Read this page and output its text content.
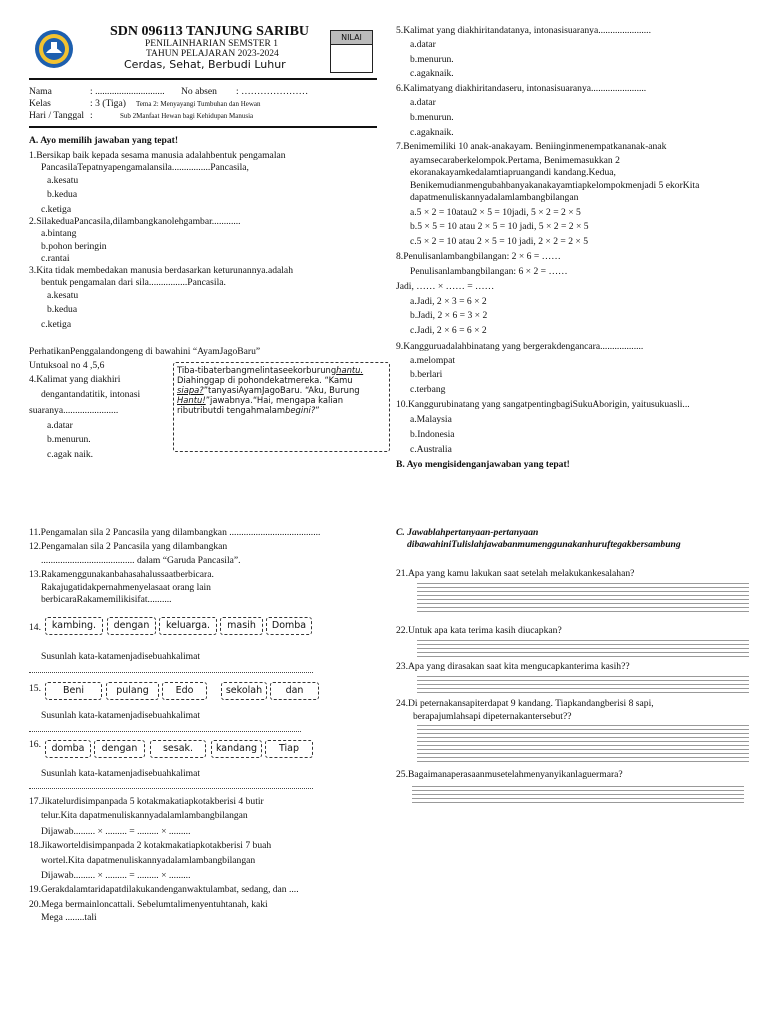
SDN 096113 TANJUNG SARIBU
PENILAINHARIAN SEMSTER 1
TAHUN PELAJARAN 2023-2024
Cerdas, Sehat, Berbudi Luhur
NILAI
Nama	: ............................. No absen : …………………
Kelas	: 3 (Tiga) Tema 2: Menyayangi Tumbuhan dan Hewan
Hari / Tanggal :	Sub 2Manfaat Hewan bagi Kehidupan Manusia
A. Ayo memilih jawaban yang tepat!
1.Bersikap baik kepada sesama manusia adalahbentuk pengamalan
PancasilaTepatnyapengamalansila................Pancasila,
a.kesatu
b.kedua
c.ketiga
2.SilakeduaPancasila,dilambangkanolehgambar............
a.bintang
b.pohon beringin
c.rantai
3.Kita tidak membedakan manusia berdasarkan keturunannya.adalah
bentuk pengamalan dari sila................Pancasila.
a.kesatu
b.kedua
c.ketiga
PerhatikanPenggalandongeng di bawahini “AyamJagoBaru”
Untuksoal no 4 ,5,6
4.Kalimat yang diakhiri
dengantandatitik, intonasi
suaranya.......................
a.datar
b.menurun.
c.agak naik.
Tiba-tibaterbangmelintaseekorburunghantu.
Diahinggap di pohondekatmereka. “Kamu
siapa?”tanyasiAyamJagoBaru. “Aku, Burung
Hantu!”jawabnya.“Hai, mengapa kalian
ributributdi tengahmalambegini?”
5.Kalimat yang diakhiritandatanya, intonasisuaranya......................
a.datar
b.menurun.
c.agaknaik.
6.Kalimatyang diakhiritandaseru, intonasisuaranya.......................
a.datar
b.menurun.
c.agaknaik.
7.Benimemiliki 10 anak-anakayam. Beniinginmenempatkananak-anak
ayamsecaraberkelompok.Pertama, Benimemasukkan 2
ekoranakayamkedalamtiapruangandi kandang.Kedua,
Benikemudianmengubahbanyakanakayamtiapkelompokmenjadi 5 ekorKita
dapatmenuliskannyadalamlambangbilangan
a.5 × 2 = 10atau2 × 5 = 10jadi, 5 × 2 = 2 × 5
b.5 × 5 = 10 atau 2 × 5 = 10 jadi, 5 × 2 = 2 × 5
c.5 × 2 = 10 atau 2 × 5 = 10 jadi, 2 × 2 = 2 × 5
8.Penulisanlambangbilangan: 2 × 6 = ……
Penulisanlambangbilangan: 6 × 2 = ……
Jadi, …… × …… = ……
a.Jadi, 2 × 3 = 6 × 2
b.Jadi, 2 × 6 = 3 × 2
c.Jadi, 2 × 6 = 6 × 2
9.Kangguruadalahbinatang yang bergerakdengancara..................
a.melompat
b.berlari
c.terbang
10.Kanggurubinatang yang sangatpentingbagiSukuAborigin, yaitusukuasli...
a.Malaysia
b.Indonesia
c.Australia
B. Ayo mengisidenganjawaban yang tepat!
11.Pengamalan sila 2 Pancasila yang dilambangkan ......................................
12.Pengamalan sila 2 Pancasila yang dilambangkan
....................................... dalam “Garuda Pancasila”.
13.Rakamenggunakanbahasahalussaatberbicara.
Rakajugatidakpernahmenyelasaat orang lain
berbicaraRakamemilikisifat..........
14.	kambing.	dengan	keluarga.	masih	Domba
Susunlah kata-katamenjadisebuahkalimat
15.	Beni	pulang	Edo	sekolah	dan
Susunlah kata-katamenjadisebuahkalimat
16.	domba	dengan	sesak.	kandang	Tiap
Susunlah kata-katamenjadisebuahkalimat
17.Jikatelurdisimpanpada 5 kotakmakatiapkotakberisi 4 butir
telur.Kita dapatmenuliskannyadalamlambangbilangan
Dijawab......... × ......... = ......... × .........
18.Jikaworteldisimpanpada 2 kotakmakatiapkotakberisi 7 buah
wortel.Kita dapatmenuliskannyadalamlambangbilangan
Dijawab......... × ......... = ......... × .........
19.Gerakdalamtaridapatdilakukandenganwaktulambat, sedang, dan ....
20.Mega bermainloncattali. Sebelumtalimenyentuhtanah, kaki
Mega ........tali
C. Jawablahpertanyaan-pertanyaan
dibawahiniTulislahjawabanmumenggunakanhuruftegakbersambung
21.Apa yang kamu lakukan saat setelah melakukankesalahan?
22.Untuk apa kata terima kasih diucapkan?
23.Apa yang dirasakan saat kita mengucapkanterima kasih??
24.Di peternakansapiterdapat 9 kandang. Tiapkandangberisi 8 sapi,
berapajumlahsapi dipeternakantersebut??
25.Bagaimanaperasaanmusetelahmenyanyikanlaguermara?
